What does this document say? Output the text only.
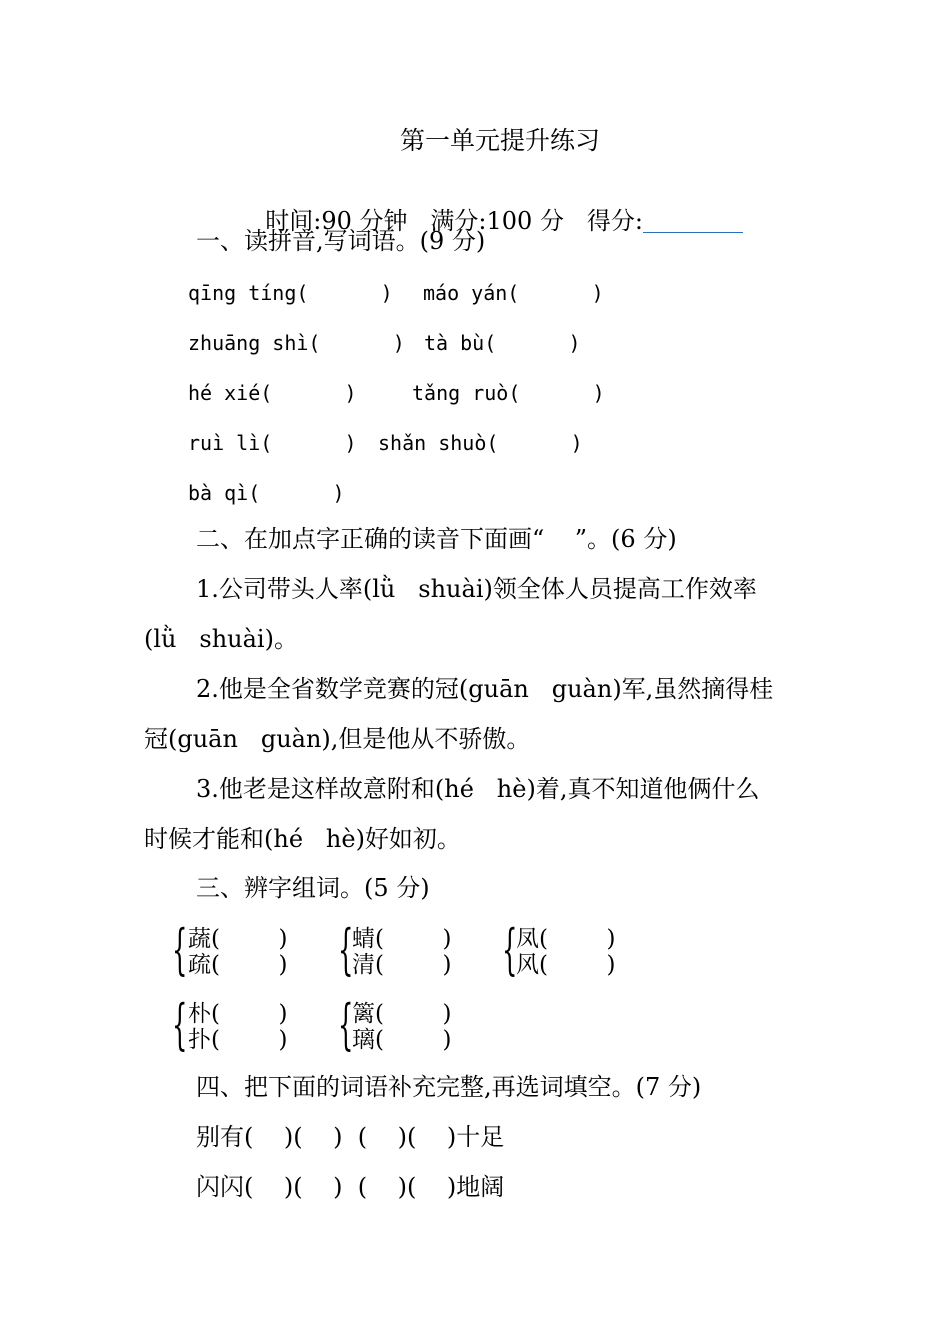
第一单元提升练习

时间:90 分钟 满分:100 分 得分:

一、读拼音,写词语。(9 分)
qīng tíng(      ) máo yán(      )
zhuāng shì(      ) tà bù(      )
hé xié(      )	tǎng ruò(      )
ruì lì(      ) shǎn shuò(      )
bà qì(      )
二、在加点字正确的读音下面画“    ”。(6 分)
1.公司带头人率(lǜ   shuài)领全体人员提高工作效率
(lǜ   shuài)。
2.他是全省数学竞赛的冠(guān   guàn)军,虽然摘得桂
冠(guān   guàn),但是他从不骄傲。
3.他老是这样故意附和(hé   hè)着,真不知道他俩什么
时候才能和(hé   hè)好如初。
三、辨字组词。(5 分)
{ 蔬(        )
疏(        ) {
蜻(        )
清(        ) {
凤(        )
风(        )
{ 朴(        )
扑(        ) {
篱(        )
璃(        )
四、把下面的词语补充完整,再选词填空。(7 分)
别有(    )(    )  (    )(    )十足
闪闪(    )(    )  (    )(    )地阔
